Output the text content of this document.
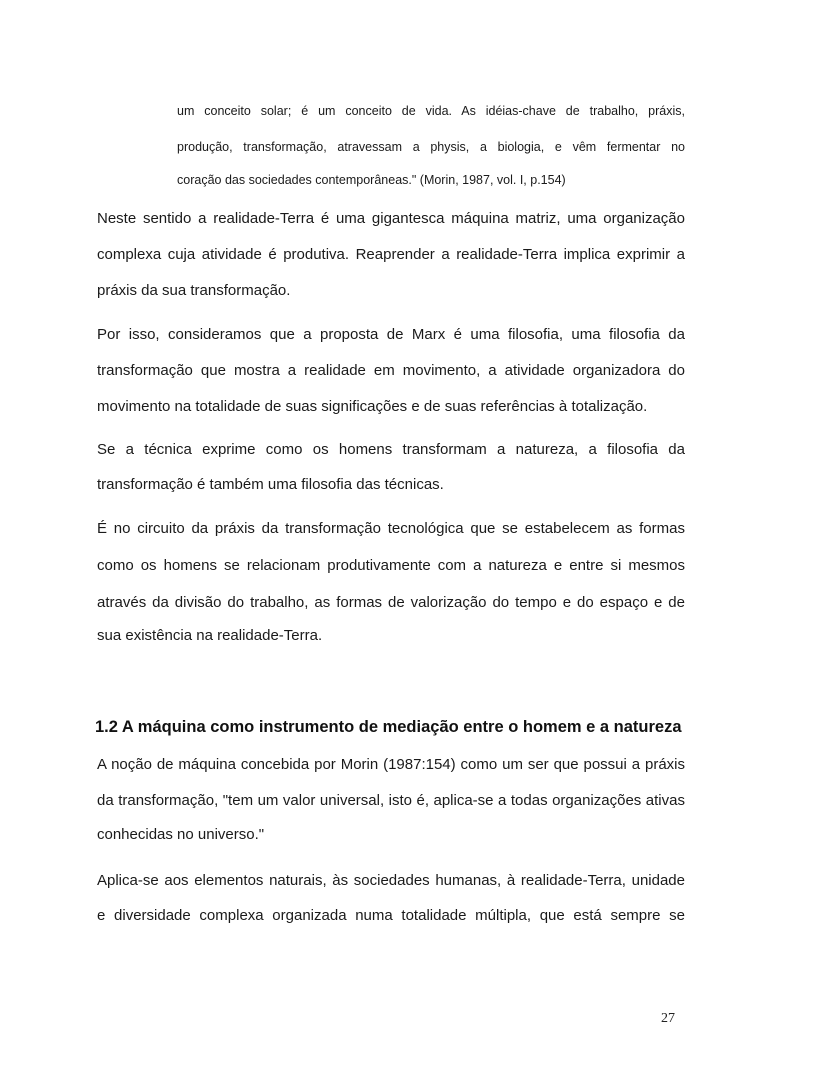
um conceito solar; é um conceito de vida. As idéias-chave de trabalho, práxis,

produção, transformação, atravessam a physis, a biologia, e vêm fermentar no

coração das sociedades contemporâneas." (Morin, 1987, vol. I, p.154)

Neste sentido a realidade-Terra é uma gigantesca máquina matriz, uma organização

complexa cuja atividade é produtiva. Reaprender a realidade-Terra implica exprimir a

práxis da sua transformação.

Por isso, consideramos que a proposta de Marx é uma filosofia, uma filosofia da

transformação que mostra a realidade em movimento, a atividade organizadora do

movimento na totalidade de suas significações e de suas referências à totalização.

Se a técnica exprime como os homens transformam a natureza, a filosofia da

transformação é também uma filosofia das técnicas.

É no circuito da práxis da transformação tecnológica que se estabelecem as formas

como os homens se relacionam produtivamente com a natureza e entre si mesmos

através da divisão do trabalho, as formas de valorização do tempo e do espaço e de

sua existência na realidade-Terra.

1.2 A máquina como instrumento de mediação entre o homem e a natureza

A noção de máquina concebida por Morin (1987:154) como um ser que possui a práxis

da transformação, "tem um valor universal, isto é, aplica-se a todas organizações ativas

conhecidas no universo."

Aplica-se aos elementos naturais, às sociedades humanas, à realidade-Terra, unidade

e diversidade complexa organizada numa totalidade múltipla, que está sempre se

27
